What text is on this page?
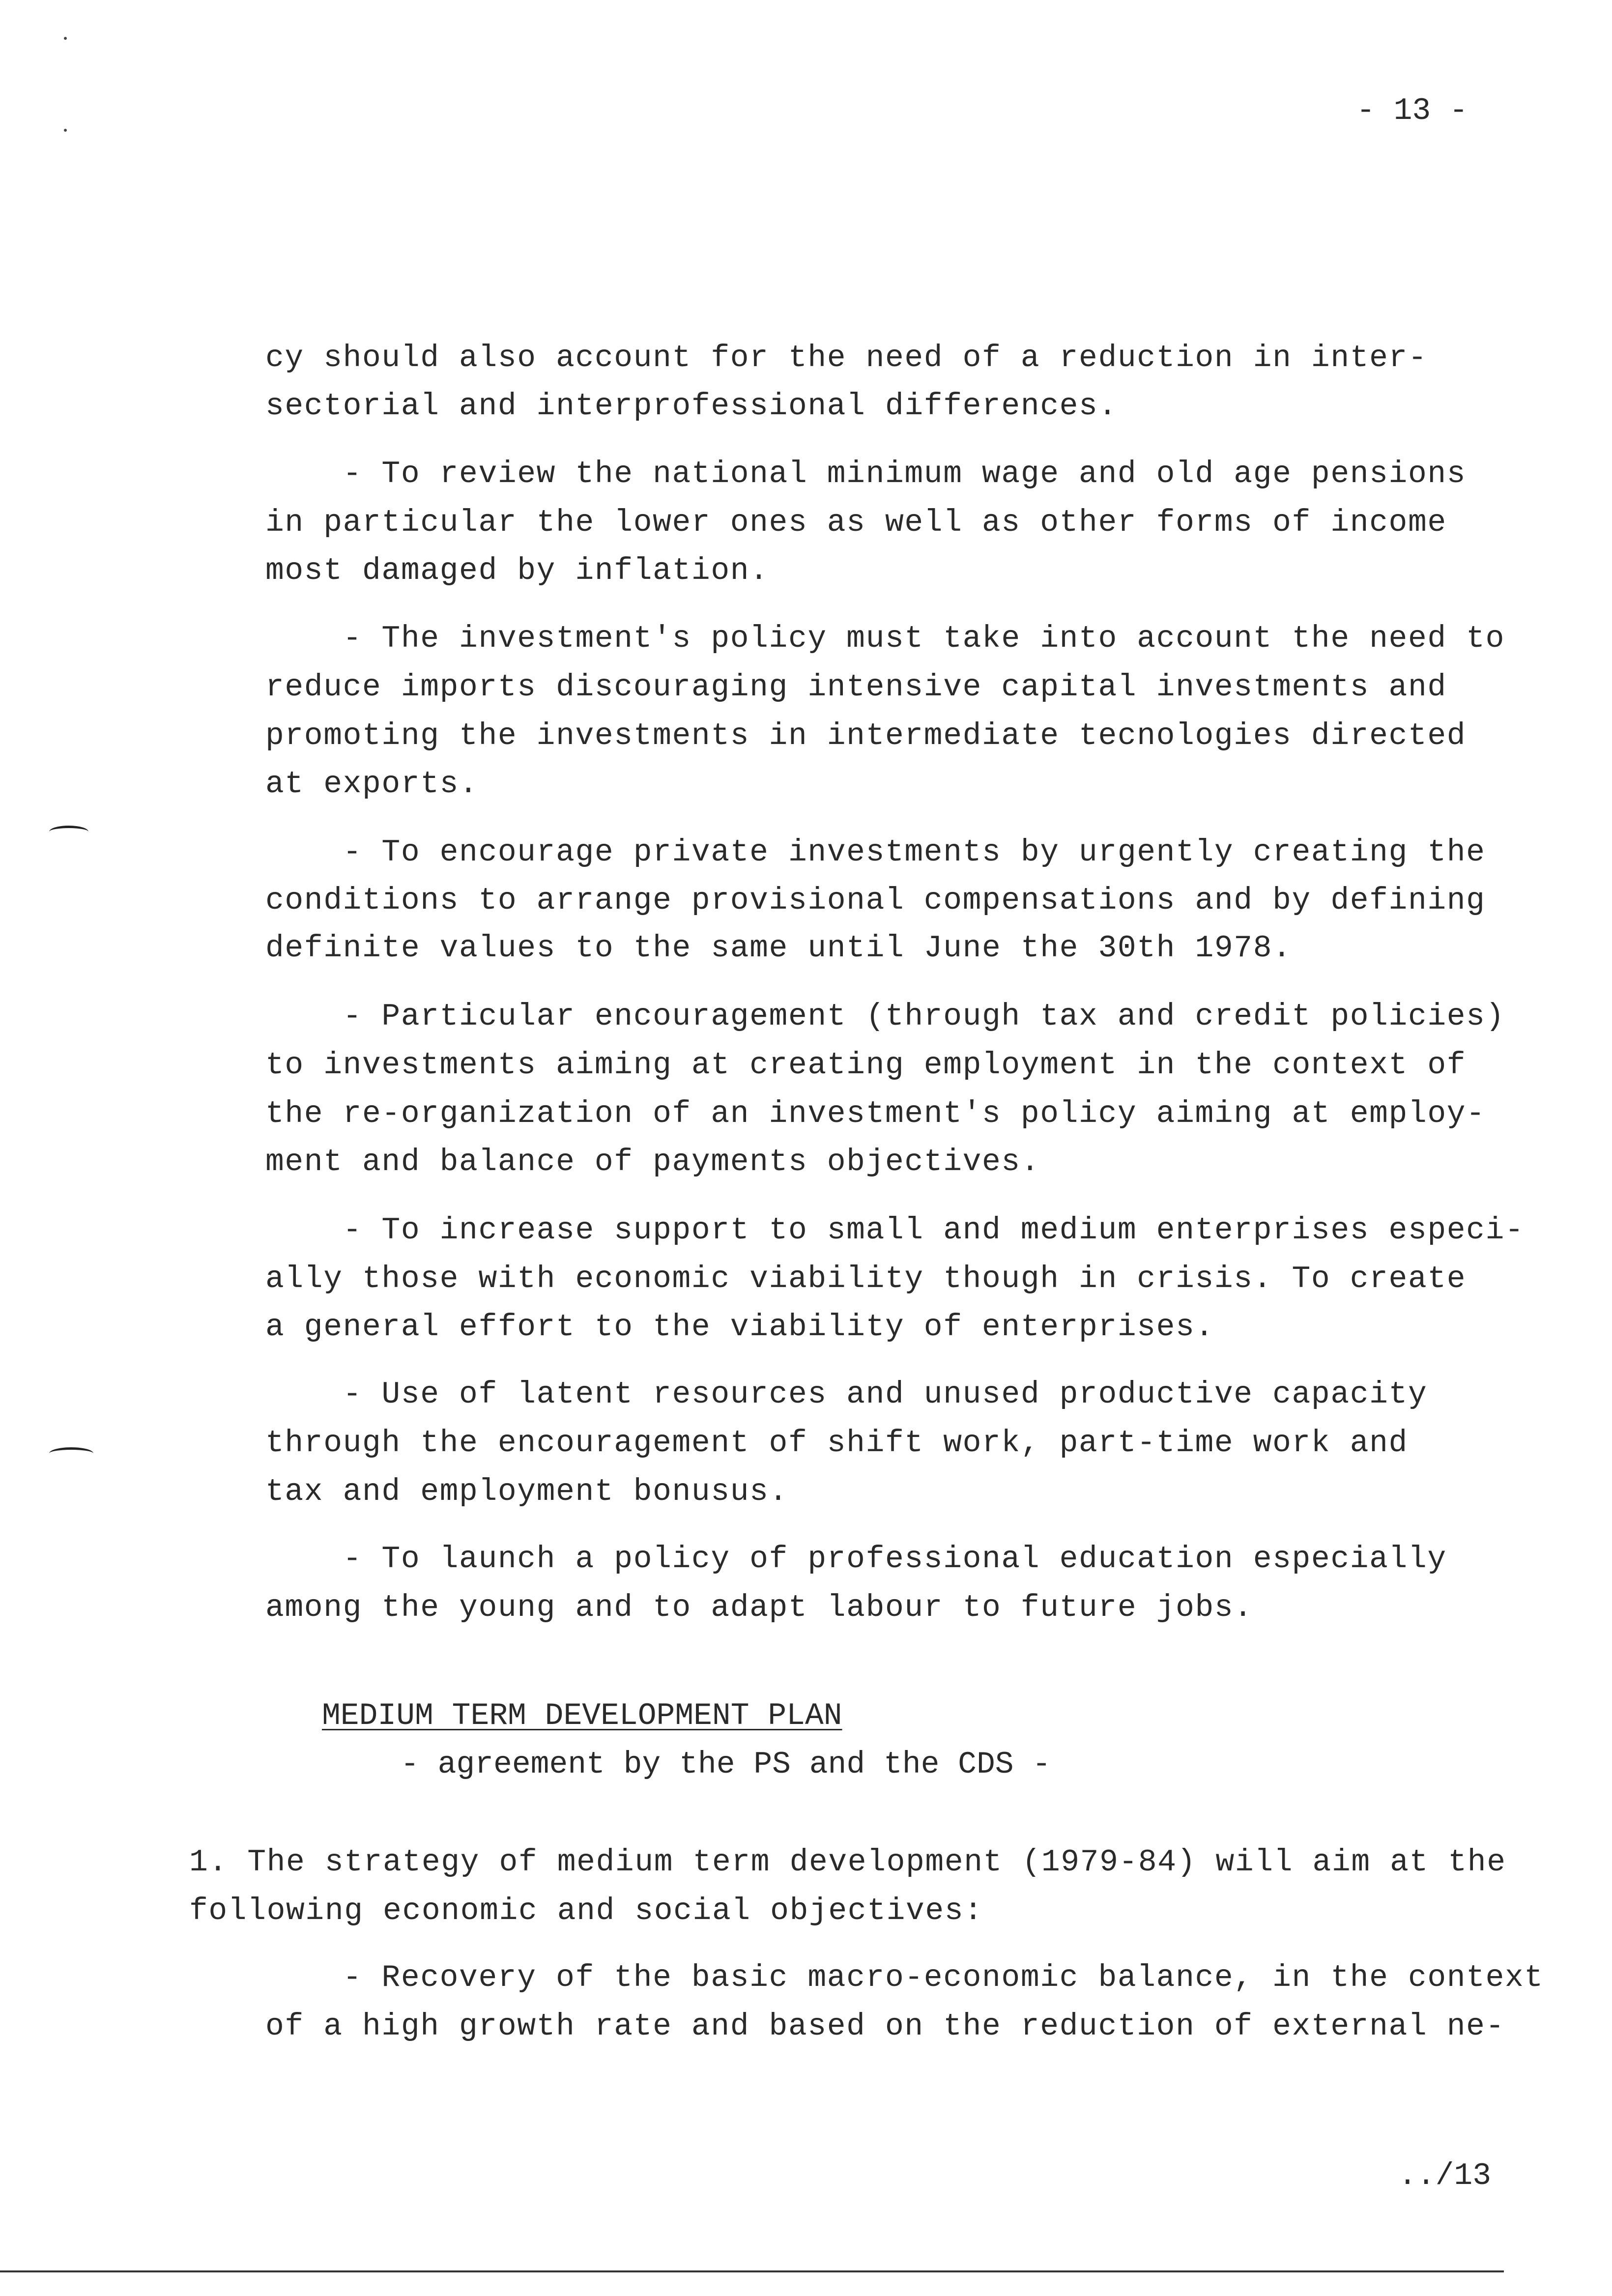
- 13 -
cy should also account for the need of a reduction in inter-
sectorial and interprofessional differences.
- To review the national minimum wage and old age pensions
in particular the lower ones as well as other forms of income
most damaged by inflation.
- The investment's policy must take into account the need to
reduce imports discouraging intensive capital investments and
promoting the investments in intermediate tecnologies directed
at exports.
- To encourage private investments by urgently creating the
conditions to arrange provisional compensations and by defining
definite values to the same until June the 30th 1978.
- Particular encouragement (through tax and credit policies)
to investments aiming at creating employment in the context of
the re-organization of an investment's policy aiming at employ-
ment and balance of payments objectives.
- To increase support to small and medium enterprises especi-
ally those with economic viability though in crisis. To create
a general effort to the viability of enterprises.
- Use of latent resources and unused productive capacity
through the encouragement of shift work, part-time work and
tax and employment bonusus.
- To launch a policy of professional education especially
among the young and to adapt labour to future jobs.
MEDIUM TERM DEVELOPMENT PLAN
- agreement by the PS and the CDS -
1. The strategy of medium term development (1979-84) will aim at the
following economic and social objectives:
- Recovery of the basic macro-economic balance, in the context
of a high growth rate and based on the reduction of external ne-
../13
